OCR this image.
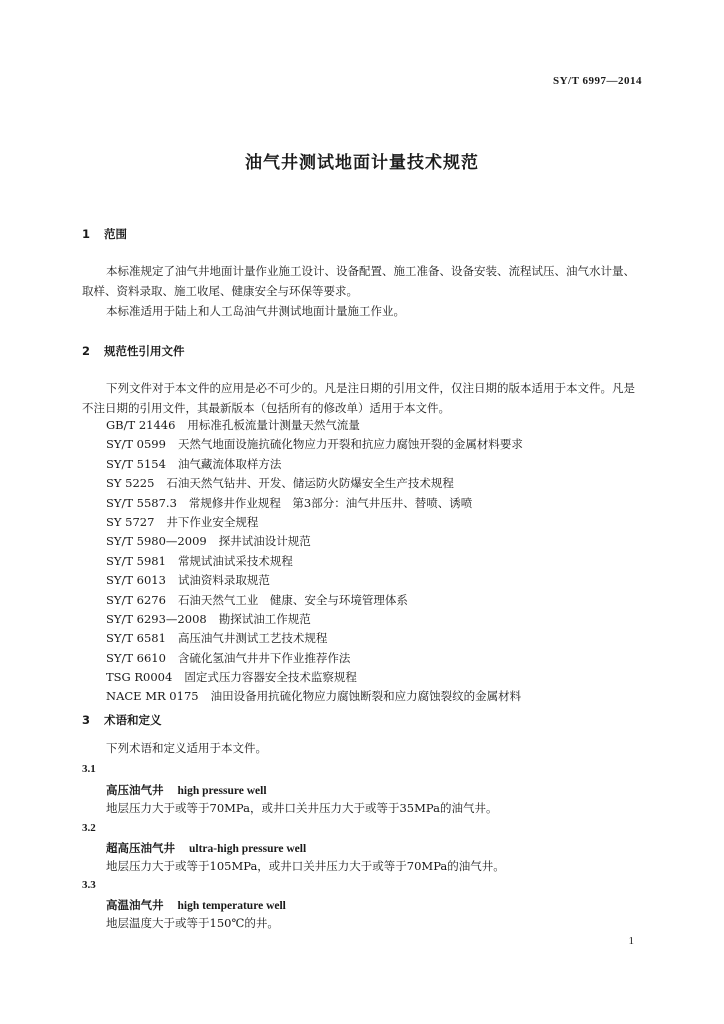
SY/T 6997—2014
油气井测试地面计量技术规范
1 范围
本标准规定了油气井地面计量作业施工设计、设备配置、施工准备、设备安装、流程试压、油气水计量、取样、资料录取、施工收尾、健康安全与环保等要求。
本标准适用于陆上和人工岛油气井测试地面计量施工作业。
2 规范性引用文件
下列文件对于本文件的应用是必不可少的。凡是注日期的引用文件，仅注日期的版本适用于本文件。凡是不注日期的引用文件，其最新版本（包括所有的修改单）适用于本文件。
GB/T 21446 用标准孔板流量计测量天然气流量
SY/T 0599 天然气地面设施抗硫化物应力开裂和抗应力腐蚀开裂的金属材料要求
SY/T 5154 油气藏流体取样方法
SY 5225 石油天然气钻井、开发、储运防火防爆安全生产技术规程
SY/T 5587.3 常规修井作业规程　第3部分：油气井压井、替喷、诱喷
SY 5727 井下作业安全规程
SY/T 5980—2009 探井试油设计规范
SY/T 5981 常规试油试采技术规程
SY/T 6013 试油资料录取规范
SY/T 6276 石油天然气工业　健康、安全与环境管理体系
SY/T 6293—2008 勘探试油工作规范
SY/T 6581 高压油气井测试工艺技术规程
SY/T 6610 含硫化氢油气井井下作业推荐作法
TSG R0004 固定式压力容器安全技术监察规程
NACE MR 0175 油田设备用抗硫化物应力腐蚀断裂和应力腐蚀裂纹的金属材料
3 术语和定义
下列术语和定义适用于本文件。
3.1
高压油气井 high pressure well
地层压力大于或等于70MPa，或井口关井压力大于或等于35MPa的油气井。
3.2
超高压油气井 ultra-high pressure well
地层压力大于或等于105MPa，或井口关井压力大于或等于70MPa的油气井。
3.3
高温油气井 high temperature well
地层温度大于或等于150℃的井。
1
